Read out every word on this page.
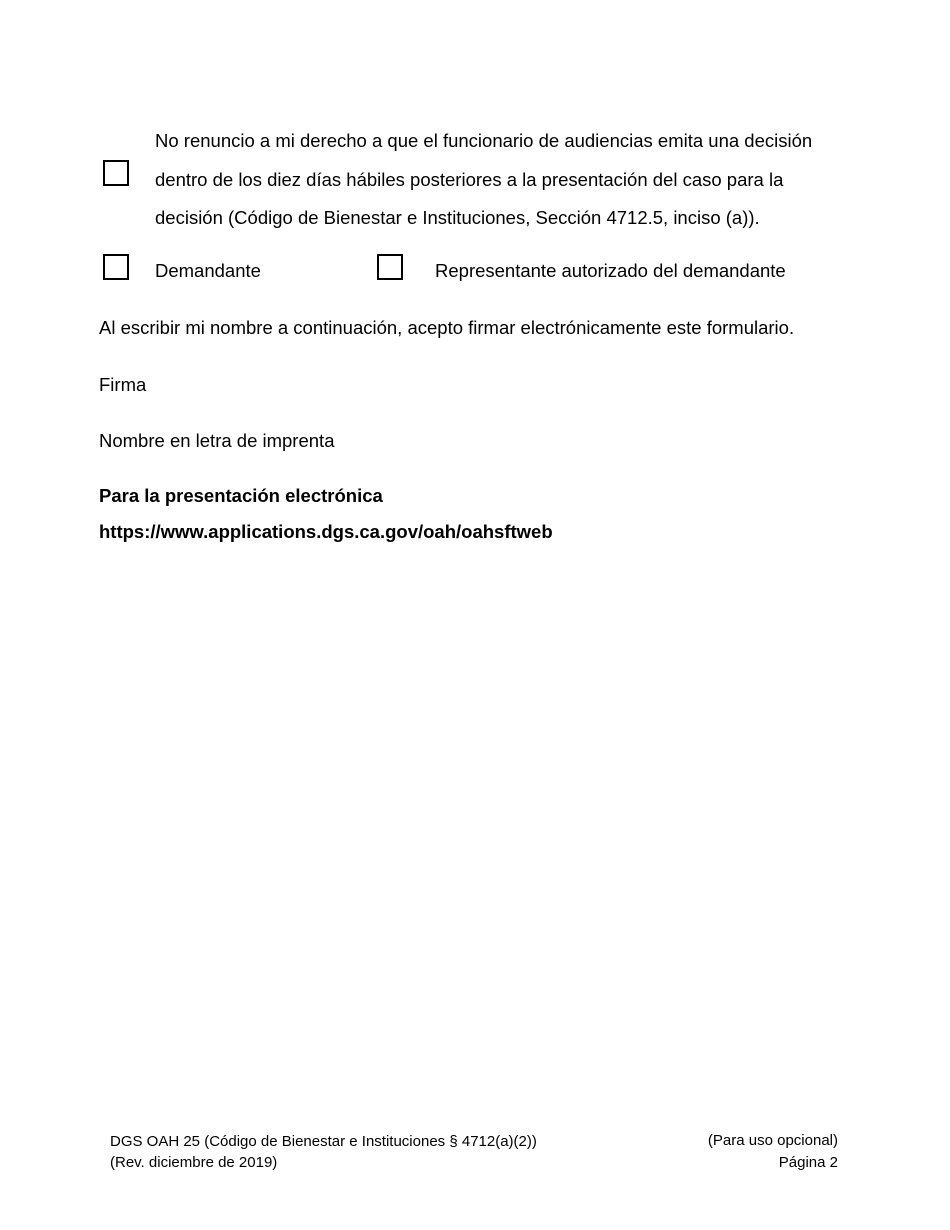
No renuncio a mi derecho a que el funcionario de audiencias emita una decisión
dentro de los diez días hábiles posteriores a la presentación del caso para la
decisión (Código de Bienestar e Instituciones, Sección 4712.5, inciso (a)).

Demandante	Representante autorizado del demandante
Al escribir mi nombre a continuación, acepto firmar electrónicamente este formulario.
Firma
Nombre en letra de imprenta
Para la presentación electrónica
https://www.applications.dgs.ca.gov/oah/oahsftweb
DGS OAH 25 (Código de Bienestar e Instituciones § 4712(a)(2))
(Rev. diciembre de 2019)
(Para uso opcional)
Página 2
